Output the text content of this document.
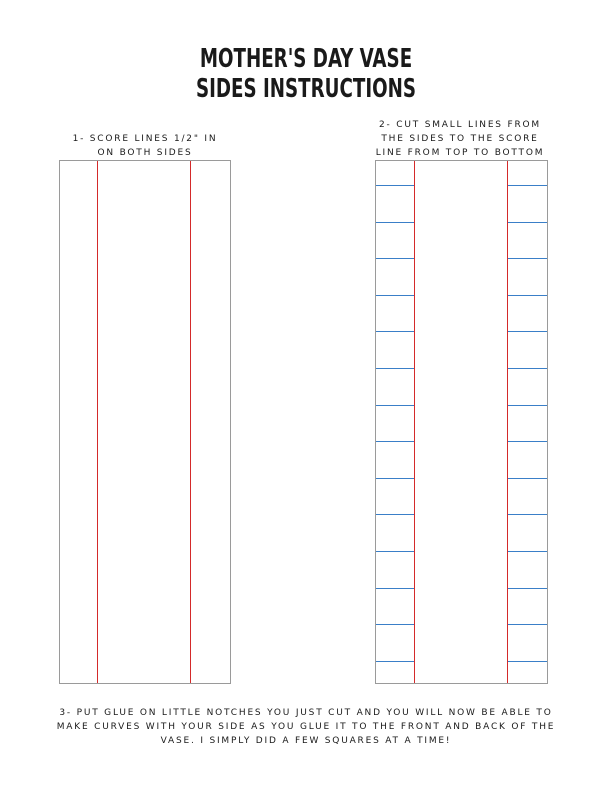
MOTHER'S DAY VASE
SIDES INSTRUCTIONS
1- SCORE LINES 1/2" IN
ON BOTH SIDES
2- CUT SMALL LINES FROM
THE SIDES TO THE SCORE
LINE FROM TOP TO BOTTOM
3- PUT GLUE ON LITTLE NOTCHES YOU JUST CUT AND YOU WILL NOW BE ABLE TO
MAKE CURVES WITH YOUR SIDE AS YOU GLUE IT TO THE FRONT AND BACK OF THE
VASE. I SIMPLY DID A FEW SQUARES AT A TIME!
